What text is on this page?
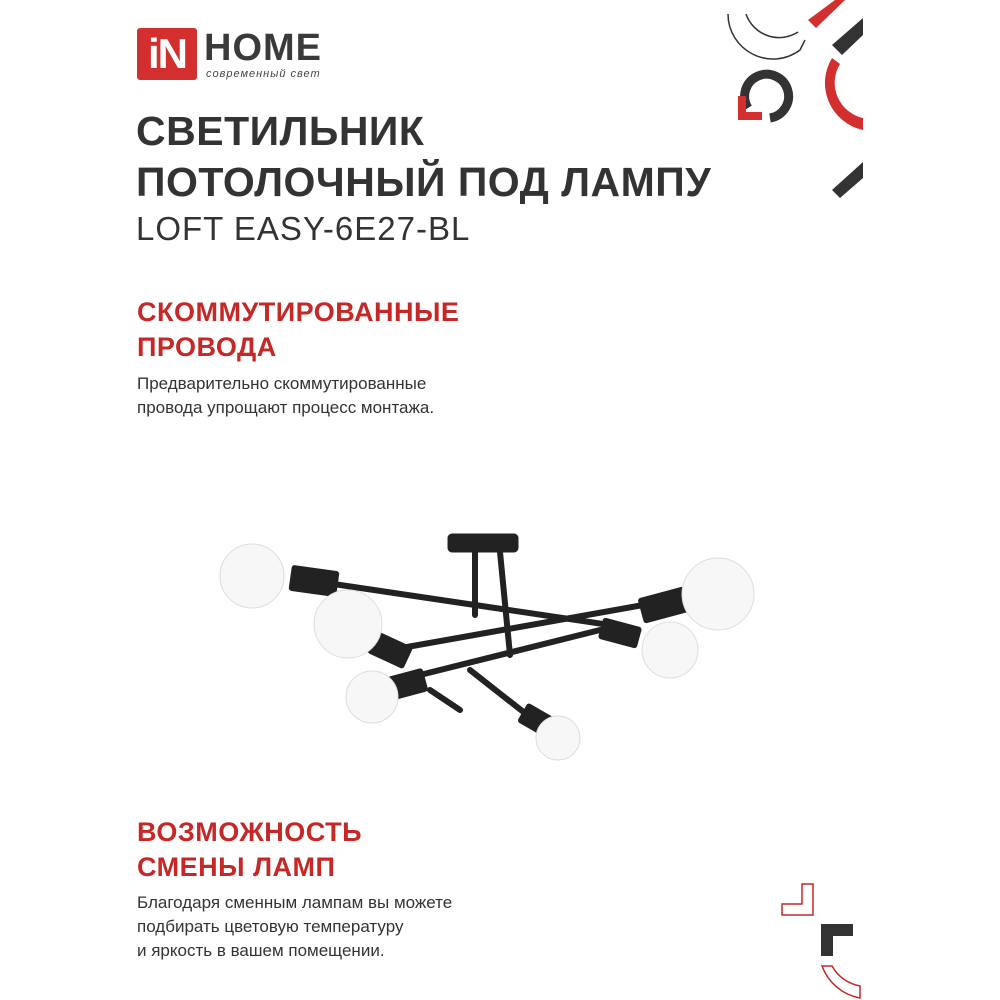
iN HOME
современный свет
СВЕТИЛЬНИК
ПОТОЛОЧНЫЙ ПОД ЛАМПУ
LOFT EASY-6E27-BL
СКОММУТИРОВАННЫЕ
ПРОВОДА
Предварительно скоммутированные
провода упрощают процесс монтажа.
ВОЗМОЖНОСТЬ
СМЕНЫ ЛАМП
Благодаря сменным лампам вы можете
подбирать цветовую температуру
и яркость в вашем помещении.
